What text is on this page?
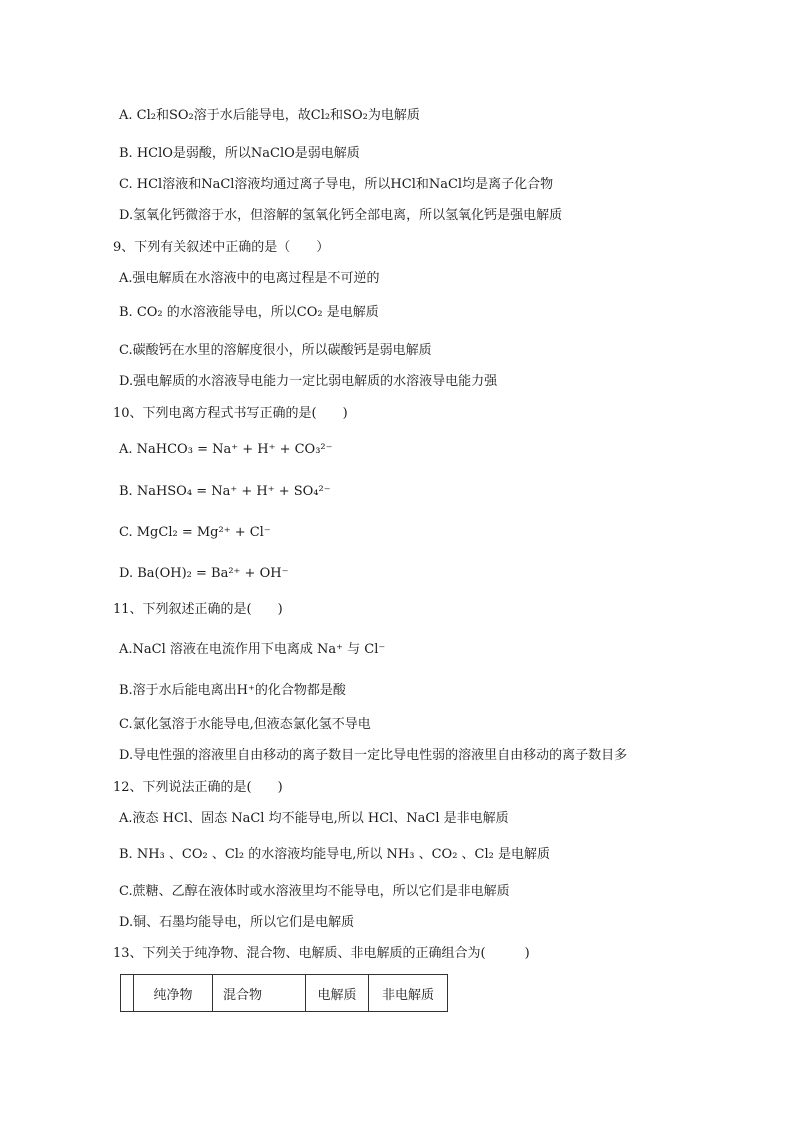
A. Cl₂和SO₂溶于水后能导电，故Cl₂和SO₂为电解质
B. HClO是弱酸，所以NaClO是弱电解质
C. HCl溶液和NaCl溶液均通过离子导电，所以HCl和NaCl均是离子化合物
D.氢氧化钙微溶于水，但溶解的氢氧化钙全部电离，所以氢氧化钙是强电解质
9、下列有关叙述中正确的是（　　）
A.强电解质在水溶液中的电离过程是不可逆的
B. CO₂ 的水溶液能导电，所以CO₂ 是电解质
C.碳酸钙在水里的溶解度很小，所以碳酸钙是弱电解质
D.强电解质的水溶液导电能力一定比弱电解质的水溶液导电能力强
10、下列电离方程式书写正确的是(　　)
A. NaHCO₃ = Na⁺ + H⁺ + CO₃²⁻
B. NaHSO₄ = Na⁺ + H⁺ + SO₄²⁻
C. MgCl₂ = Mg²⁺ + Cl⁻
D. Ba(OH)₂ = Ba²⁺ + OH⁻
11、下列叙述正确的是(　　)
A.NaCl 溶液在电流作用下电离成 Na⁺ 与 Cl⁻
B.溶于水后能电离出H⁺的化合物都是酸
C.氯化氢溶于水能导电,但液态氯化氢不导电
D.导电性强的溶液里自由移动的离子数目一定比导电性弱的溶液里自由移动的离子数目多
12、下列说法正确的是(　　)
A.液态 HCl、固态 NaCl 均不能导电,所以 HCl、NaCl 是非电解质
B. NH₃ 、CO₂ 、Cl₂ 的水溶液均能导电,所以 NH₃ 、CO₂ 、Cl₂ 是电解质
C.蔗糖、乙醇在液体时或水溶液里均不能导电，所以它们是非电解质
D.铜、石墨均能导电，所以它们是电解质
13、下列关于纯净物、混合物、电解质、非电解质的正确组合为(　　　)
	纯净物	混合物	电解质	非电解质
